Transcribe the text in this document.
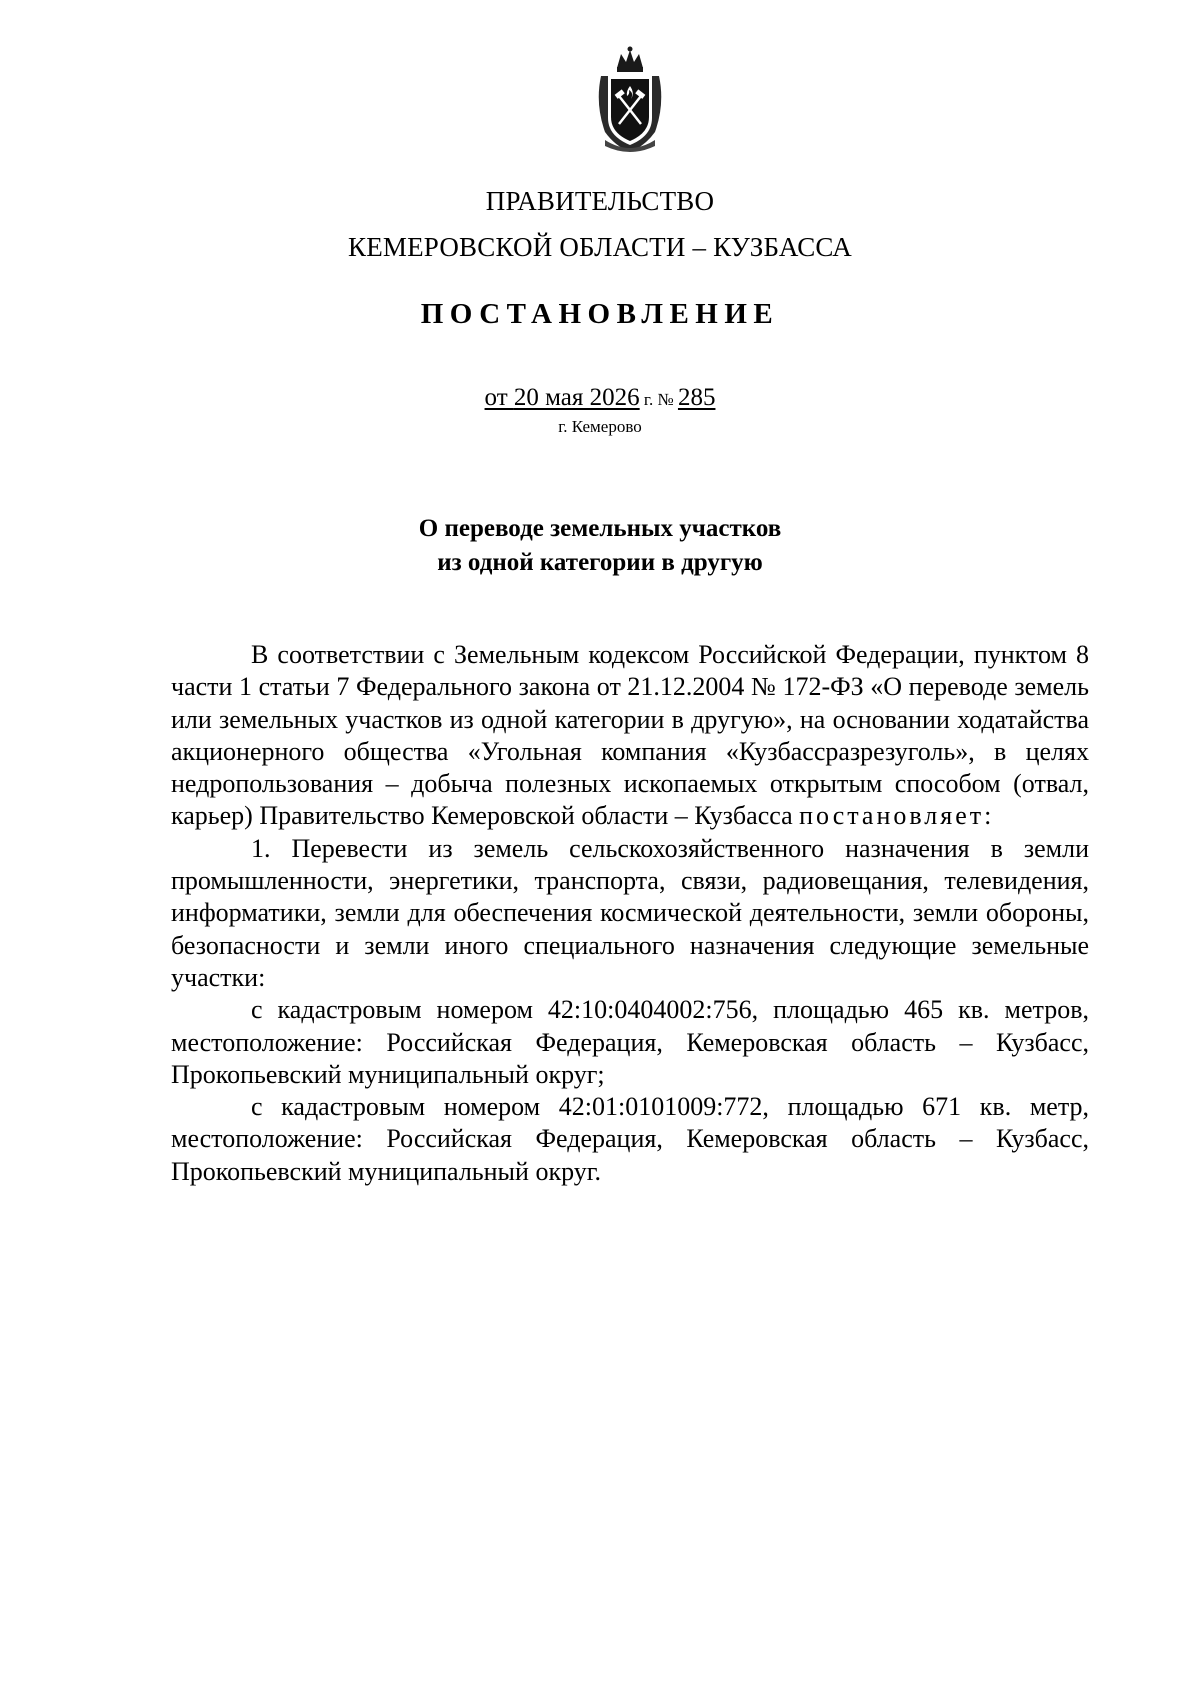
ПРАВИТЕЛЬСТВО
КЕМЕРОВСКОЙ ОБЛАСТИ – КУЗБАССА
ПОСТАНОВЛЕНИЕ
от 20 мая 2026 г. № 285
г. Кемерово
О переводе земельных участков
из одной категории в другую

В соответствии с Земельным кодексом Российской Федерации, пунктом 8 части 1 статьи 7 Федерального закона от 21.12.2004 № 172-ФЗ «О переводе земель или земельных участков из одной категории в другую», на основании ходатайства акционерного общества «Угольная компания «Кузбассразрезуголь», в целях недропользования – добыча полезных ископаемых открытым способом (отвал, карьер) Правительство Кемеровской области – Кузбасса постановляет:

1. Перевести из земель сельскохозяйственного назначения в земли промышленности, энергетики, транспорта, связи, радиовещания, телевидения, информатики, земли для обеспечения космической деятельности, земли обороны, безопасности и земли иного специального назначения следующие земельные участки:

с кадастровым номером 42:10:0404002:756, площадью 465 кв. метров, местоположение: Российская Федерация, Кемеровская область – Кузбасс, Прокопьевский муниципальный округ;

с кадастровым номером 42:01:0101009:772, площадью 671 кв. метр, местоположение: Российская Федерация, Кемеровская область – Кузбасс, Прокопьевский муниципальный округ.
